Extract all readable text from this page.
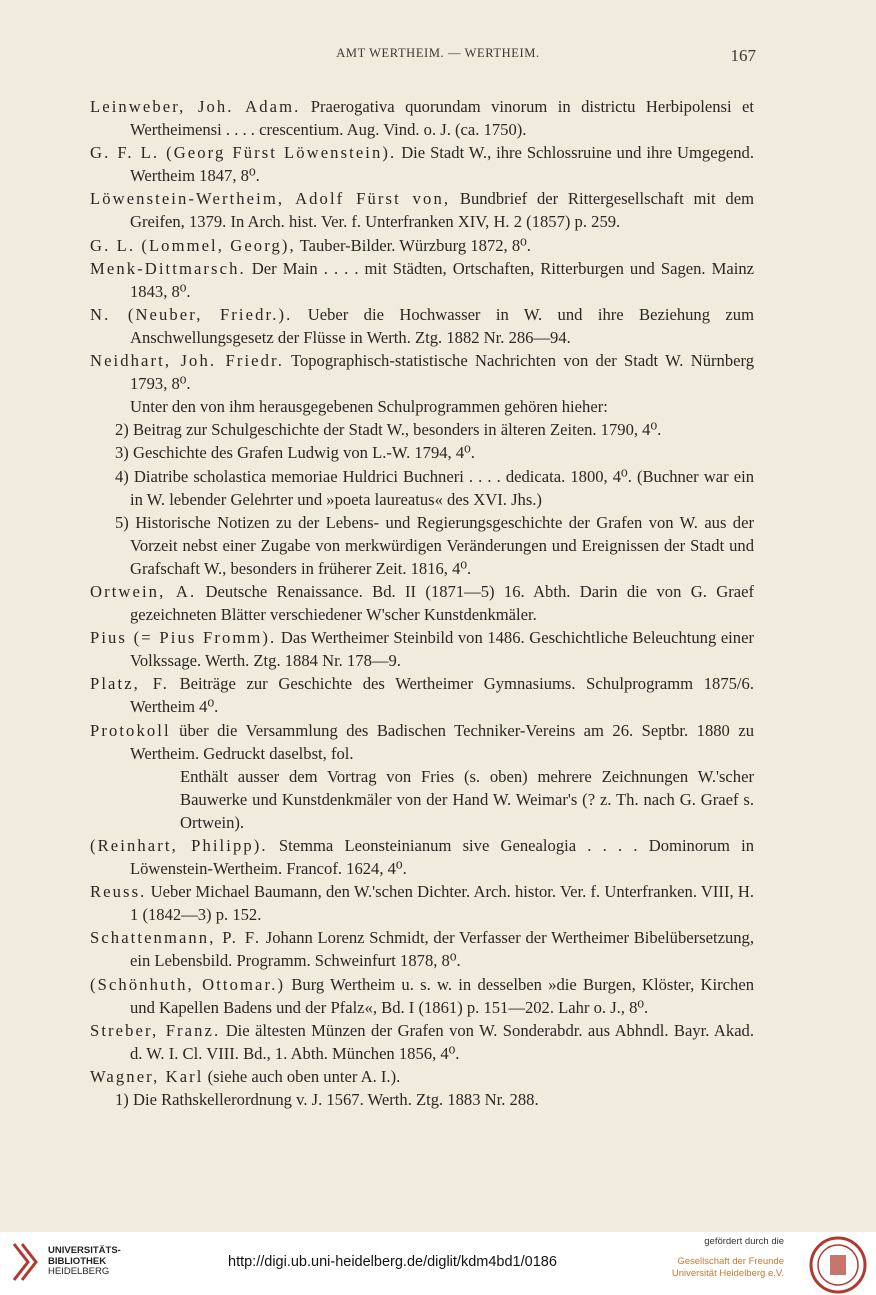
AMT WERTHEIM. — WERTHEIM.	167

Leinweber, Joh. Adam. Praerogativa quorundam vinorum in districtu Herbipolensi et Wertheimensi . . . . crescentium. Aug. Vind. o. J. (ca. 1750).

G. F. L. (Georg Fürst Löwenstein). Die Stadt W., ihre Schlossruine und ihre Umgegend. Wertheim 1847, 8⁰.

Löwenstein-Wertheim, Adolf Fürst von, Bundbrief der Rittergesellschaft mit dem Greifen, 1379. In Arch. hist. Ver. f. Unterfranken XIV, H. 2 (1857) p. 259.

G. L. (Lommel, Georg), Tauber-Bilder. Würzburg 1872, 8⁰.

Menk-Dittmarsch. Der Main . . . . mit Städten, Ortschaften, Ritterburgen und Sagen. Mainz 1843, 8⁰.

N. (Neuber, Friedr.). Ueber die Hochwasser in W. und ihre Beziehung zum Anschwellungsgesetz der Flüsse in Werth. Ztg. 1882 Nr. 286—94.

Neidhart, Joh. Friedr. Topographisch-statistische Nachrichten von der Stadt W. Nürnberg 1793, 8⁰.

Unter den von ihm herausgegebenen Schulprogrammen gehören hieher:

2) Beitrag zur Schulgeschichte der Stadt W., besonders in älteren Zeiten. 1790, 4⁰.

3) Geschichte des Grafen Ludwig von L.-W. 1794, 4⁰.

4) Diatribe scholastica memoriae Huldrici Buchneri . . . . dedicata. 1800, 4⁰. (Buchner war ein in W. lebender Gelehrter und »poeta laureatus« des XVI. Jhs.)

5) Historische Notizen zu der Lebens- und Regierungsgeschichte der Grafen von W. aus der Vorzeit nebst einer Zugabe von merkwürdigen Veränderungen und Ereignissen der Stadt und Grafschaft W., besonders in früherer Zeit. 1816, 4⁰.

Ortwein, A. Deutsche Renaissance. Bd. II (1871—5) 16. Abth. Darin die von G. Graef gezeichneten Blätter verschiedener W'scher Kunstdenkmäler.

Pius (= Pius Fromm). Das Wertheimer Steinbild von 1486. Geschichtliche Beleuchtung einer Volkssage. Werth. Ztg. 1884 Nr. 178—9.

Platz, F. Beiträge zur Geschichte des Wertheimer Gymnasiums. Schulprogramm 1875/6. Wertheim 4⁰.

Protokoll über die Versammlung des Badischen Techniker-Vereins am 26. Septbr. 1880 zu Wertheim. Gedruckt daselbst, fol.

Enthält ausser dem Vortrag von Fries (s. oben) mehrere Zeichnungen W.'scher Bauwerke und Kunstdenkmäler von der Hand W. Weimar's (? z. Th. nach G. Graef s. Ortwein).

(Reinhart, Philipp). Stemma Leonsteinianum sive Genealogia . . . . Dominorum in Löwenstein-Wertheim. Francof. 1624, 4⁰.

Reuss. Ueber Michael Baumann, den W.'schen Dichter. Arch. histor. Ver. f. Unterfranken. VIII, H. 1 (1842—3) p. 152.

Schattenmann, P. F. Johann Lorenz Schmidt, der Verfasser der Wertheimer Bibelübersetzung, ein Lebensbild. Programm. Schweinfurt 1878, 8⁰.

(Schönhuth, Ottomar.) Burg Wertheim u. s. w. in desselben »die Burgen, Klöster, Kirchen und Kapellen Badens und der Pfalz«, Bd. I (1861) p. 151—202. Lahr o. J., 8⁰.

Streber, Franz. Die ältesten Münzen der Grafen von W. Sonderabdr. aus Abhndl. Bayr. Akad. d. W. I. Cl. VIII. Bd., 1. Abth. München 1856, 4⁰.

Wagner, Karl (siehe auch oben unter A. I.).

1) Die Rathskellerordnung v. J. 1567. Werth. Ztg. 1883 Nr. 288.

UNIVERSITÄTS-
BIBLIOTHEK
HEIDELBERG
http://digi.ub.uni-heidelberg.de/diglit/kdm4bd1/0186
gefördert durch die
Gesellschaft der Freunde
Universität Heidelberg e.V.
